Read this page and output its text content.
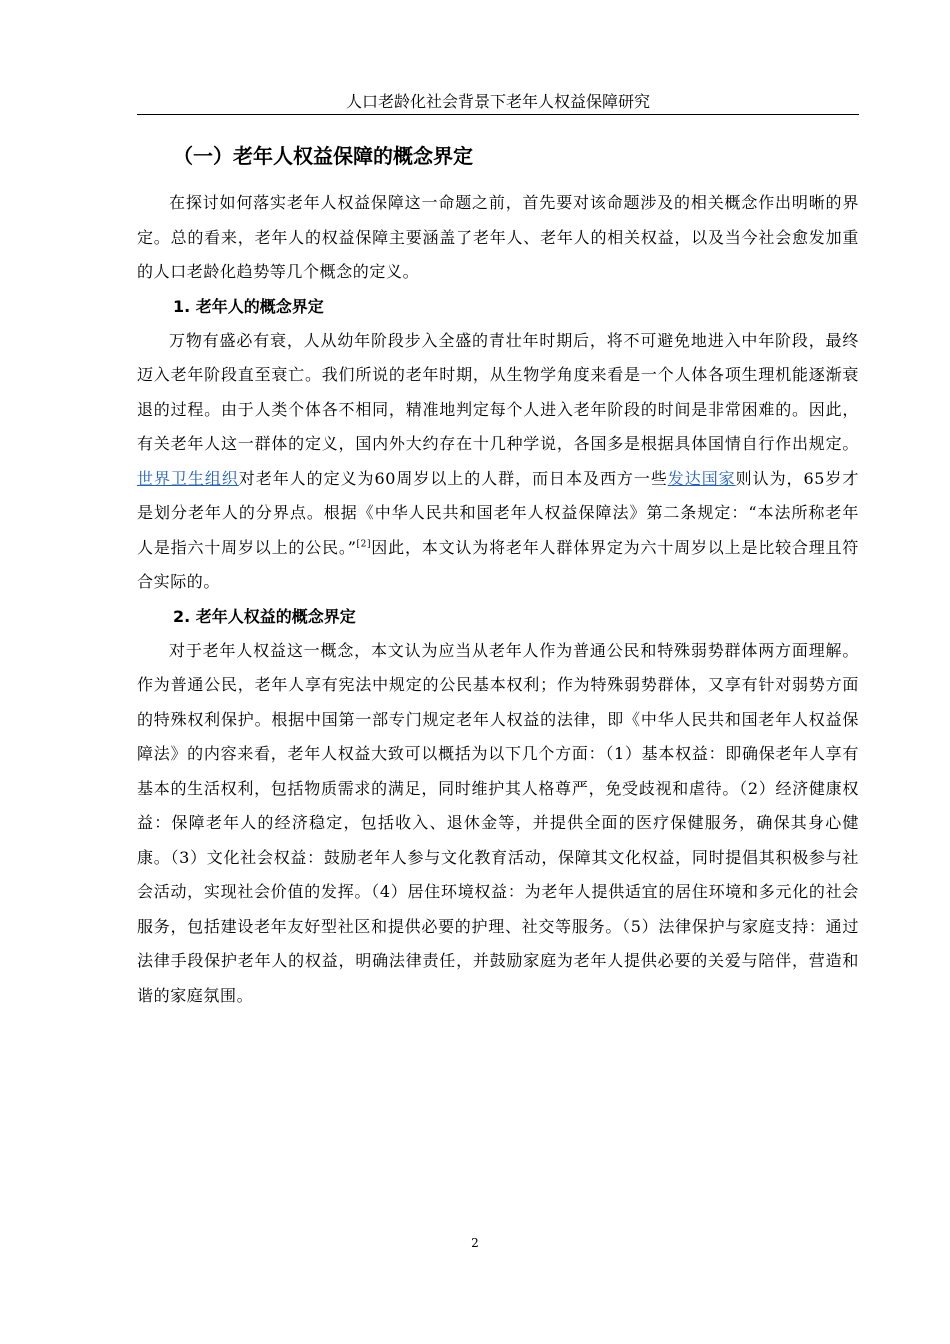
人口老龄化社会背景下老年人权益保障研究
（一）老年人权益保障的概念界定

在探讨如何落实老年人权益保障这一命题之前，首先要对该命题涉及的相关概念作出明晰的界定。总的看来，老年人的权益保障主要涵盖了老年人、老年人的相关权益，以及当今社会愈发加重的人口老龄化趋势等几个概念的定义。

1. 老年人的概念界定

万物有盛必有衰，人从幼年阶段步入全盛的青壮年时期后，将不可避免地进入中年阶段，最终迈入老年阶段直至衰亡。我们所说的老年时期，从生物学角度来看是一个人体各项生理机能逐渐衰退的过程。由于人类个体各不相同，精准地判定每个人进入老年阶段的时间是非常困难的。因此，有关老年人这一群体的定义，国内外大约存在十几种学说，各国多是根据具体国情自行作出规定。世界卫生组织对老年人的定义为60周岁以上的人群，而日本及西方一些发达国家则认为，65岁才是划分老年人的分界点。根据《中华人民共和国老年人权益保障法》第二条规定：“本法所称老年人是指六十周岁以上的公民。”[2]因此，本文认为将老年人群体界定为六十周岁以上是比较合理且符合实际的。

2. 老年人权益的概念界定

对于老年人权益这一概念，本文认为应当从老年人作为普通公民和特殊弱势群体两方面理解。作为普通公民，老年人享有宪法中规定的公民基本权利；作为特殊弱势群体，又享有针对弱势方面的特殊权利保护。根据中国第一部专门规定老年人权益的法律，即《中华人民共和国老年人权益保障法》的内容来看，老年人权益大致可以概括为以下几个方面：（1）基本权益：即确保老年人享有基本的生活权利，包括物质需求的满足，同时维护其人格尊严，免受歧视和虐待。（2）经济健康权益：保障老年人的经济稳定，包括收入、退休金等，并提供全面的医疗保健服务，确保其身心健康。（3）文化社会权益：鼓励老年人参与文化教育活动，保障其文化权益，同时提倡其积极参与社会活动，实现社会价值的发挥。（4）居住环境权益：为老年人提供适宜的居住环境和多元化的社会服务，包括建设老年友好型社区和提供必要的护理、社交等服务。（5）法律保护与家庭支持：通过法律手段保护老年人的权益，明确法律责任，并鼓励家庭为老年人提供必要的关爱与陪伴，营造和谐的家庭氛围。

2
